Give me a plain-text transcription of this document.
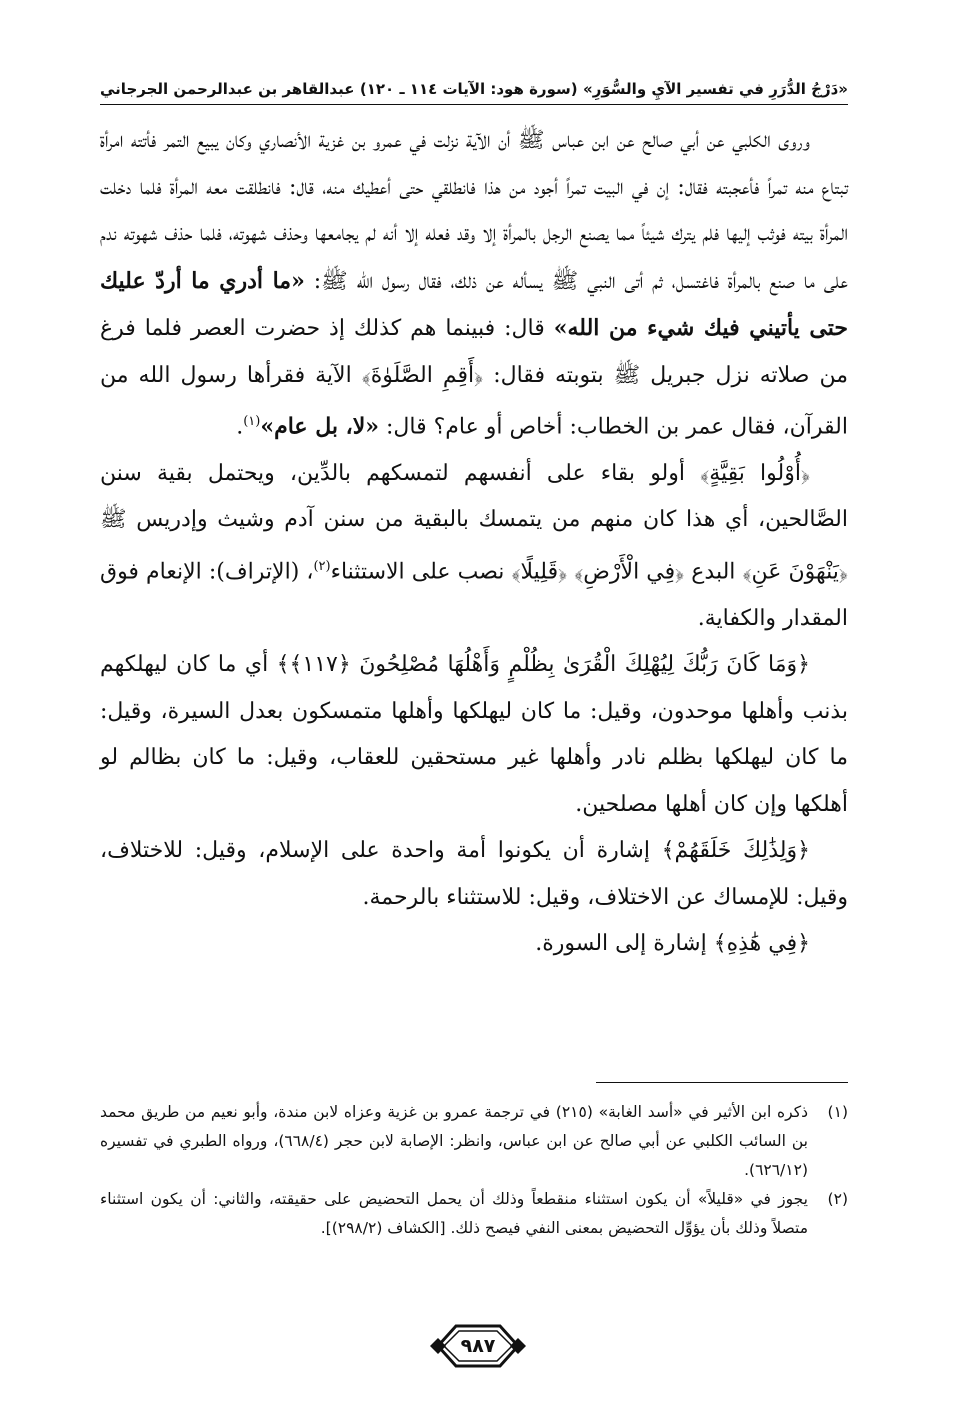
«دَرْجُ الدُّرَرِ في تفسير الآيِ والسُّوَرِ»
(سورة هود: الآيات ١١٤ ـ ١٢٠)
عبدالقاهر بن عبدالرحمن الجرجاني

وروى الكلبي عن أبي صالح عن ابن عباس ﷺ أن الآية نزلت في عمرو بن غزية الأنصاري وكان يبيع التمر فأتته امرأة تبتاع منه تمراً فأعجبته فقال: إن في البيت تمراً أجود من هذا فانطلقي حتى أعطيك منه، قال: فانطلقت معه المرأة فلما دخلت المرأة بيته فوثب إليها فلم يترك شيئاً مما يصنع الرجل بالمرأة إلا وقد فعله إلا أنه لم يجامعها وحذف شهوته، فلما حذف شهوته ندم على ما صنع بالمرأة فاغتسل، ثم أتى النبي ﷺ يسأله عن ذلك، فقال رسول الله ﷺ: «ما أدري ما أردّ عليك حتى يأتيني فيك شيء من الله» قال: فبينما هم كذلك إذ حضرت العصر فلما فرغ من صلاته نزل جبريل ﷺ بتوبته فقال: ﴿أَقِمِ الصَّلَوٰةَ﴾ الآية فقرأها رسول الله من القرآن، فقال عمر بن الخطاب: أخاص أو عام؟ قال: «لا، بل عام»$^{(١)}$.

﴿أُوْلُوا بَقِيَّةٍ﴾ أولو بقاء على أنفسهم لتمسكهم بالدِّين، ويحتمل بقية سنن الصَّالحين، أي هذا كان منهم من يتمسك بالبقية من سنن آدم وشيث وإدريس ﷺ ﴿يَنْهَوْنَ عَنِ﴾ البدع ﴿فِي الْأَرْضِ﴾ ﴿قَلِيلًا﴾ نصب على الاستثناء$^{(٢)}$، (الإتراف): الإنعام فوق المقدار والكفاية.

﴿وَمَا كَانَ رَبُّكَ لِيُهْلِكَ الْقُرَىٰ بِظُلْمٍ وَأَهْلُهَا مُصْلِحُونَ ﴿١١٧﴾﴾ أي ما كان ليهلكهم بذنب وأهلها موحدون، وقيل: ما كان ليهلكها وأهلها متمسكون بعدل السيرة، وقيل: ما كان ليهلكها بظلم نادر وأهلها غير مستحقين للعقاب، وقيل: ما كان بظالم لو أهلكها وإن كان أهلها مصلحين.

﴿وَلِذَٰلِكَ خَلَقَهُمْ﴾ إشارة أن يكونوا أمة واحدة على الإسلام، وقيل: للاختلاف، وقيل: للإمساك عن الاختلاف، وقيل: للاستثناء بالرحمة.

﴿فِي هَٰذِهِ﴾ إشارة إلى السورة.

(١)
ذكره ابن الأثير في «أسد الغابة» (٢١٥) في ترجمة عمرو بن غزية وعزاه لابن مندة، وأبو نعيم من طريق محمد بن السائب الكلبي عن أبي صالح عن ابن عباس، وانظر: الإصابة لابن حجر (٦٦٨/٤)، ورواه الطبري في تفسيره (٦٢٦/١٢).
(٢)
يجوز في «قليلاً» أن يكون استثناء منقطعاً وذلك أن يحمل التحضيض على حقيقته، والثاني: أن يكون استثناء متصلاً وذلك بأن يؤوِّل التحضيض بمعنى النفي فيصح ذلك. [الكشاف (٢٩٨/٢)].
٩٨٧
